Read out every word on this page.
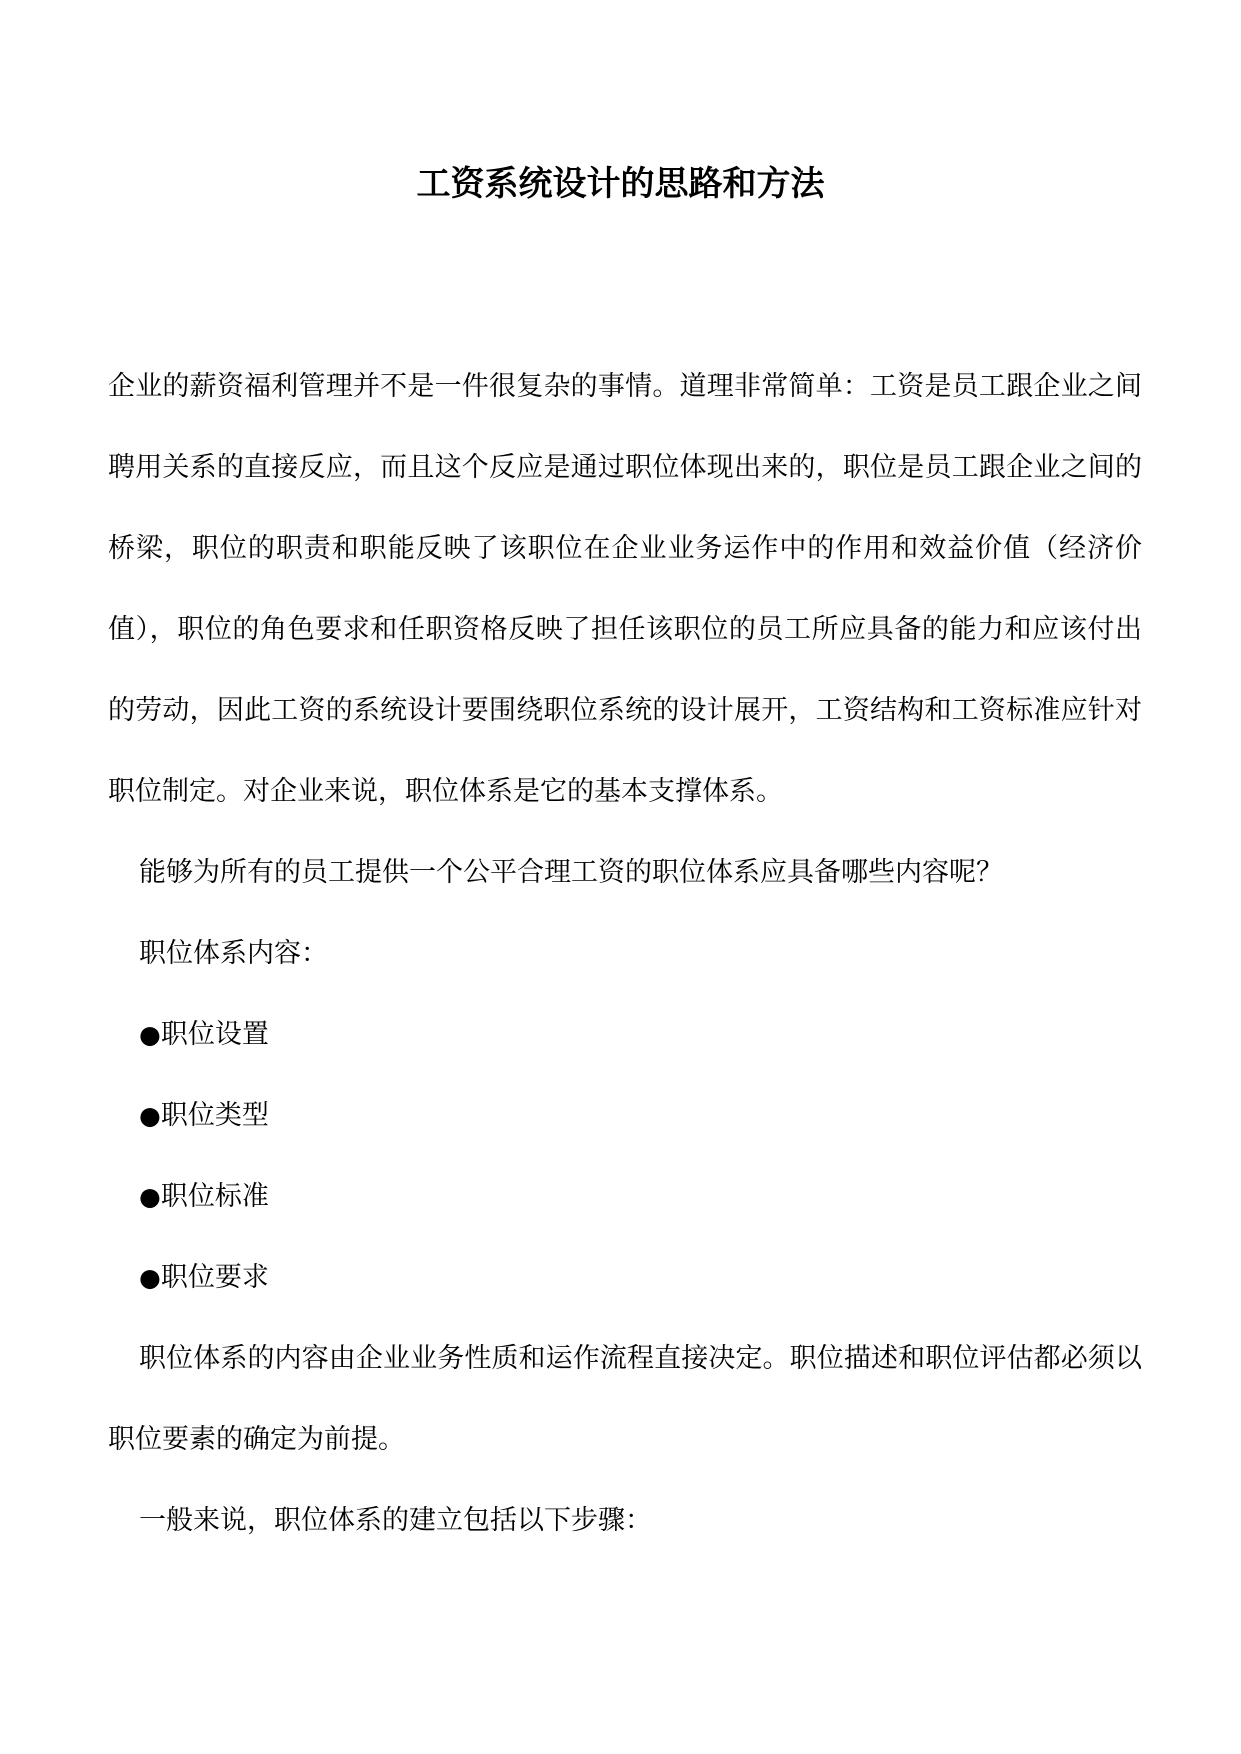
工资系统设计的思路和方法

企业的薪资福利管理并不是一件很复杂的事情。道理非常简单：工资是员工跟企业之间聘用关系的直接反应，而且这个反应是通过职位体现出来的，职位是员工跟企业之间的桥梁，职位的职责和职能反映了该职位在企业业务运作中的作用和效益价值（经济价值），职位的角色要求和任职资格反映了担任该职位的员工所应具备的能力和应该付出的劳动，因此工资的系统设计要围绕职位系统的设计展开，工资结构和工资标准应针对职位制定。对企业来说，职位体系是它的基本支撑体系。

能够为所有的员工提供一个公平合理工资的职位体系应具备哪些内容呢？

职位体系内容：

●职位设置
●职位类型
●职位标准
●职位要求

职位体系的内容由企业业务性质和运作流程直接决定。职位描述和职位评估都必须以职位要素的确定为前提。

一般来说，职位体系的建立包括以下步骤：
